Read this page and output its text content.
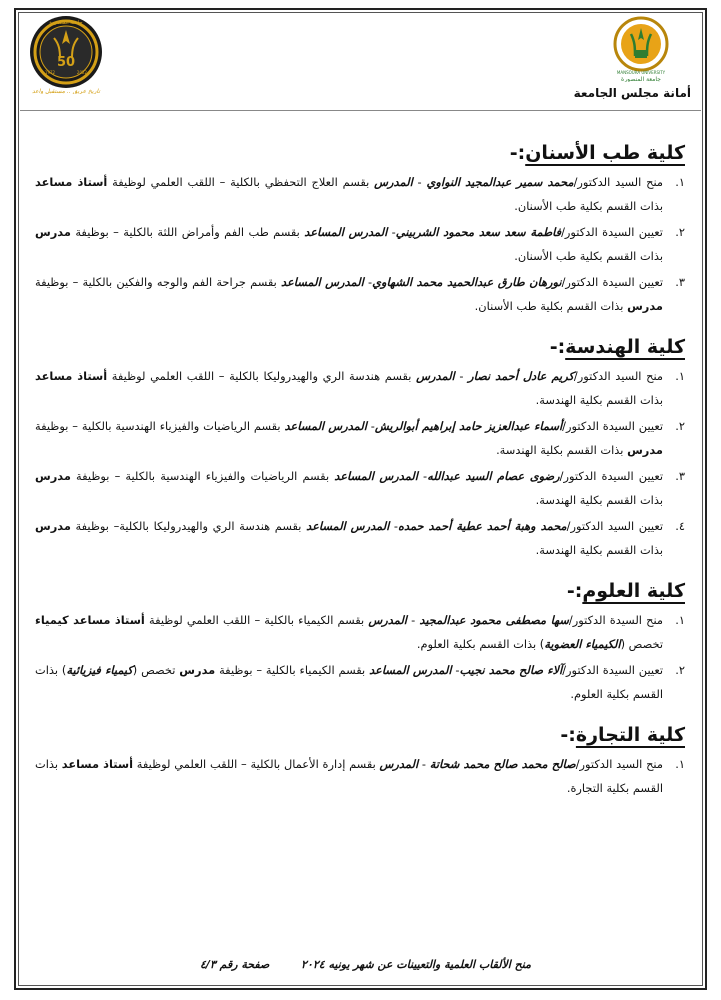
50
1972	2022
جامعة المنصورة
تاريخ عريق .. مستقبل واعد
MANSOURA UNIVERSITY
جامعة المنصورة
أمانة مجلس الجامعة
كلية طب الأسنان:-
١.
منح السيد الدكتور/محمد سمير عبدالمجيد النواوي - المدرس بقسم العلاج التحفظي بالكلية – اللقب العلمي لوظيفة أستاذ مساعد بذات القسم بكلية طب الأسنان.
٢.
تعيين السيدة الدكتور/فاطمة سعد سعد محمود الشربيني- المدرس المساعد بقسم طب الفم وأمراض اللثة بالكلية – بوظيفة مدرس بذات القسم بكلية طب الأسنان.
٣.
تعيين السيدة الدكتور/نورهان طارق عبدالحميد محمد الشهاوي- المدرس المساعد بقسم جراحة الفم والوجه والفكين بالكلية – بوظيفة مدرس بذات القسم بكلية طب الأسنان.
كلية الهندسة:-
١.
منح السيد الدكتور/كريم عادل أحمد نصار - المدرس بقسم هندسة الري والهيدروليكا بالكلية – اللقب العلمي لوظيفة أستاذ مساعد بذات القسم بكلية الهندسة.
٢.
تعيين السيدة الدكتور/أسماء عبدالعزيز حامد إبراهيم أبوالريش- المدرس المساعد بقسم الرياضيات والفيزياء الهندسية بالكلية – بوظيفة مدرس بذات القسم بكلية الهندسة.
٣.
تعيين السيدة الدكتور/رضوى عصام السيد عبدالله- المدرس المساعد بقسم الرياضيات والفيزياء الهندسية بالكلية – بوظيفة مدرس بذات القسم بكلية الهندسة.
٤.
تعيين السيد الدكتور/محمد وهبة أحمد عطية أحمد حمده- المدرس المساعد بقسم هندسة الري والهيدروليكا بالكلية– بوظيفة مدرس بذات القسم بكلية الهندسة.
كلية العلوم:-
١.
منح السيدة الدكتور/سها مصطفى محمود عبدالمجيد - المدرس بقسم الكيمياء بالكلية – اللقب العلمي لوظيفة أستاذ مساعد كيمياء تخصص (الكيمياء العضوية) بذات القسم بكلية العلوم.
٢.
تعيين السيدة الدكتور/آلاء صالح محمد نجيب- المدرس المساعد بقسم الكيمياء بالكلية – بوظيفة مدرس تخصص (كيمياء فيزيائية) بذات القسم بكلية العلوم.
كلية التجارة:-
١.
منح السيد الدكتور/صالح محمد صالح محمد شحاتة - المدرس بقسم إدارة الأعمال بالكلية – اللقب العلمي لوظيفة أستاذ مساعد بذات القسم بكلية التجارة.
منح الألقاب العلمية والتعيينات عن شهر يونيه ٢٠٢٤
صفحة رقم ٤/٣
